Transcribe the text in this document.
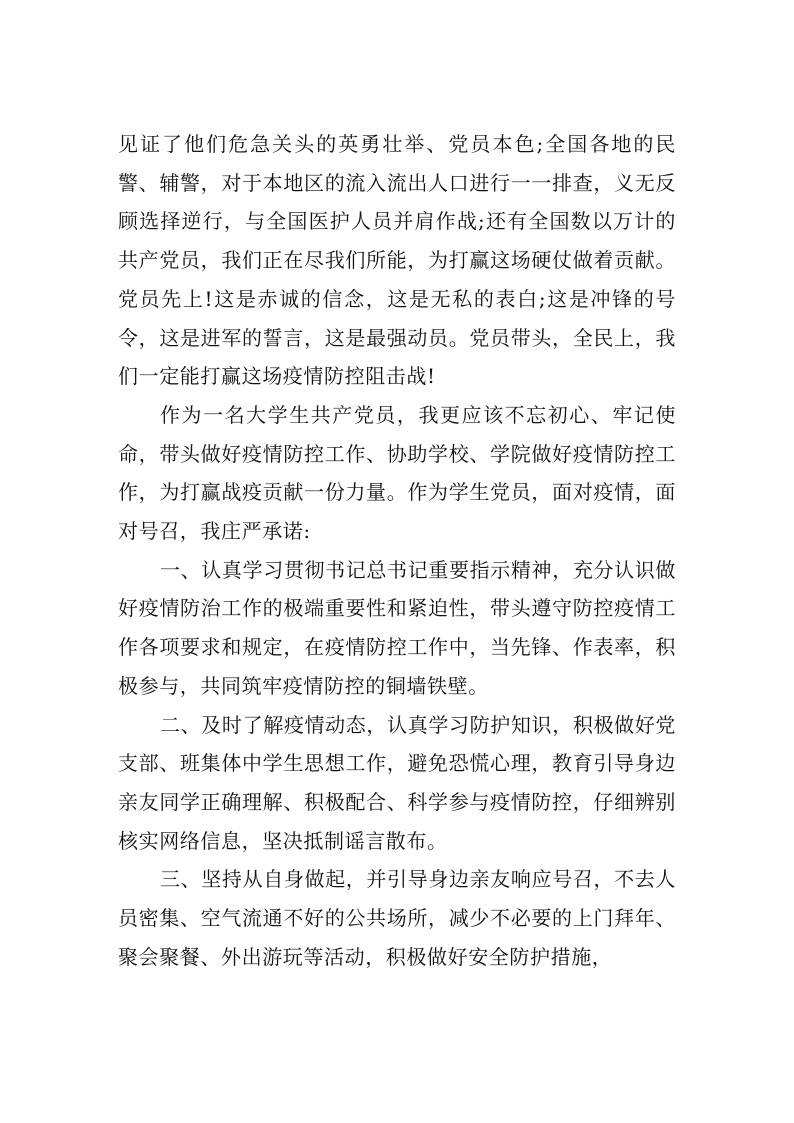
见证了他们危急关头的英勇壮举、党员本色;全国各地的民警、辅警，对于本地区的流入流出人口进行一一排查，义无反顾选择逆行，与全国医护人员并肩作战;还有全国数以万计的共产党员，我们正在尽我们所能，为打赢这场硬仗做着贡献。党员先上!这是赤诚的信念，这是无私的表白;这是冲锋的号令，这是进军的誓言，这是最强动员。党员带头，全民上，我们一定能打赢这场疫情防控阻击战!

作为一名大学生共产党员，我更应该不忘初心、牢记使命，带头做好疫情防控工作、协助学校、学院做好疫情防控工作，为打赢战疫贡献一份力量。作为学生党员，面对疫情，面对号召，我庄严承诺:

一、认真学习贯彻书记总书记重要指示精神，充分认识做好疫情防治工作的极端重要性和紧迫性，带头遵守防控疫情工作各项要求和规定，在疫情防控工作中，当先锋、作表率，积极参与，共同筑牢疫情防控的铜墙铁壁。

二、及时了解疫情动态，认真学习防护知识，积极做好党支部、班集体中学生思想工作，避免恐慌心理，教育引导身边亲友同学正确理解、积极配合、科学参与疫情防控，仔细辨别核实网络信息，坚决抵制谣言散布。

三、坚持从自身做起，并引导身边亲友响应号召，不去人员密集、空气流通不好的公共场所，减少不必要的上门拜年、聚会聚餐、外出游玩等活动，积极做好安全防护措施，
